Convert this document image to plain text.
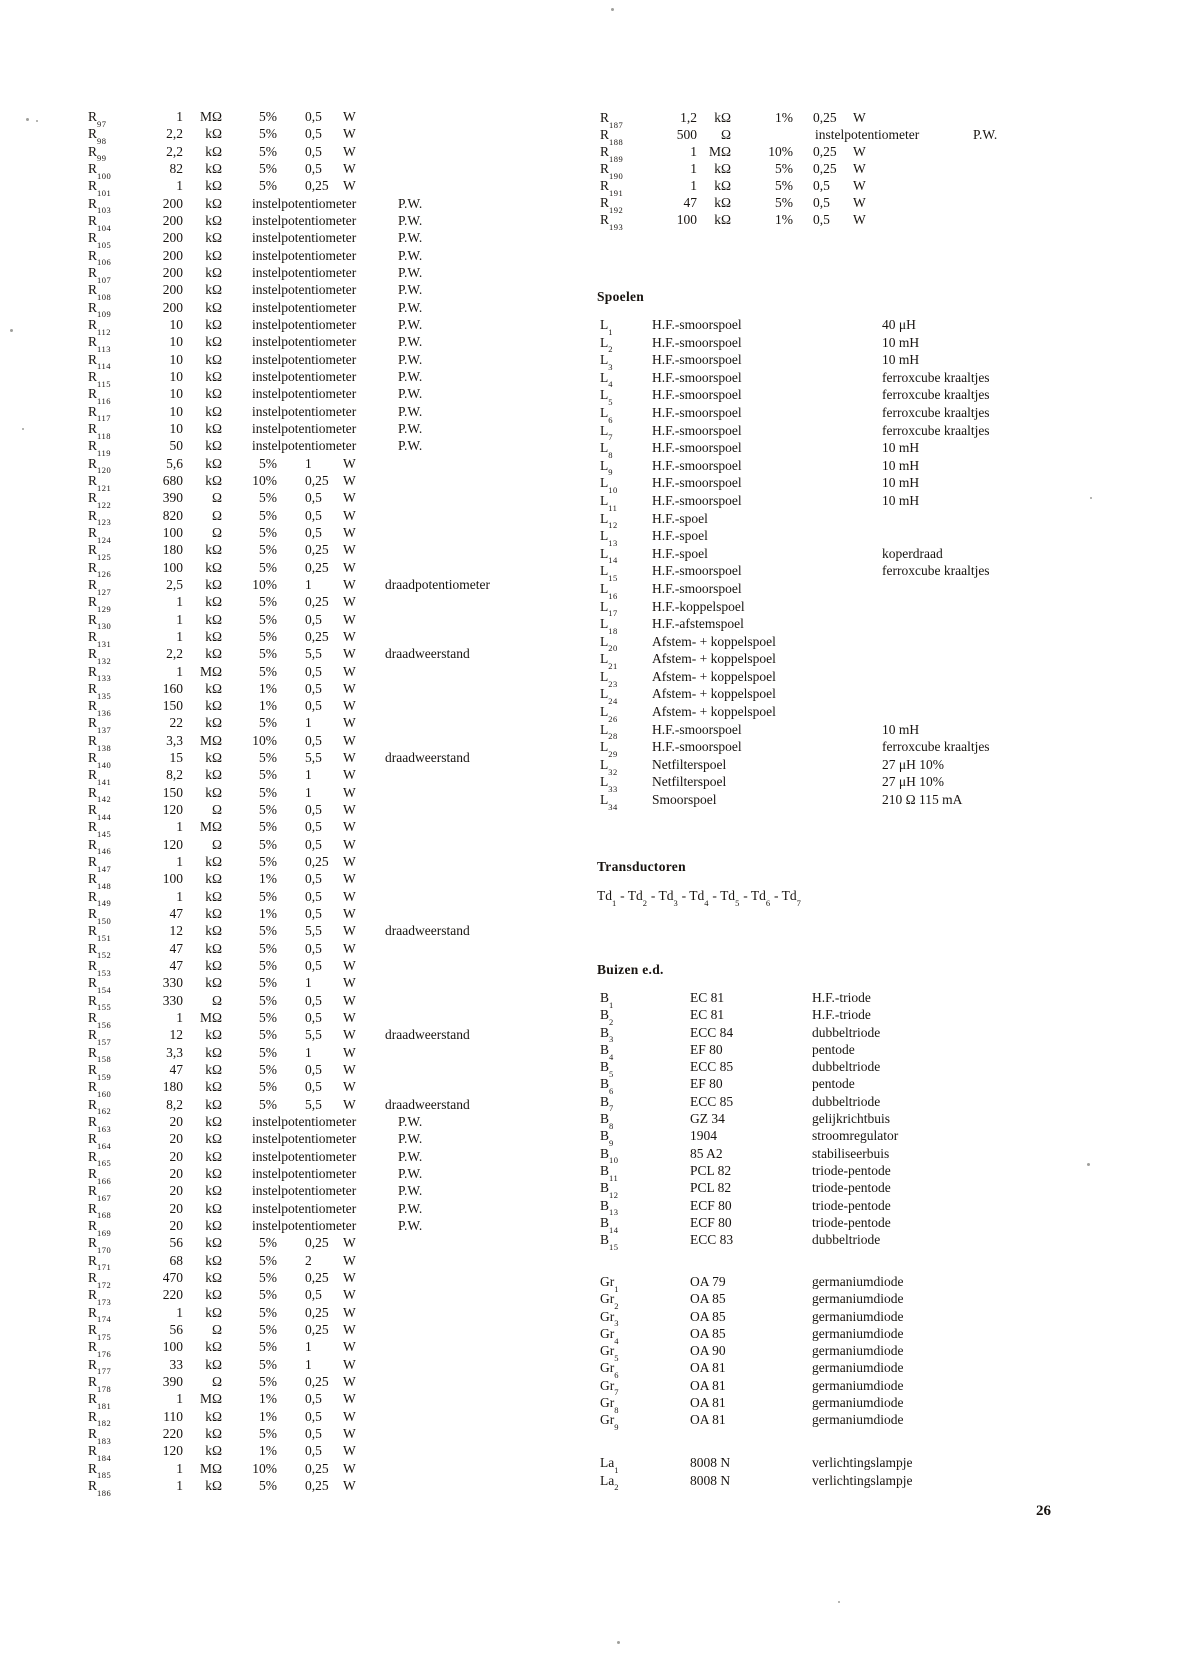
$R_{97}$	1	MΩ	5% 0,5 W
$R_{98}$	2,2	kΩ	5% 0,5 W
$R_{99}$	2,2	kΩ	5% 0,5 W
$R_{100}$	82	kΩ	5% 0,5 W
$R_{101}$	1	kΩ	5% 0,25 W
$R_{103}$	200	kΩ instelpotentiometer	P.W.
$R_{104}$	200	kΩ instelpotentiometer	P.W.
$R_{105}$	200	kΩ instelpotentiometer	P.W.
$R_{106}$	200	kΩ instelpotentiometer	P.W.
$R_{107}$	200	kΩ instelpotentiometer	P.W.
$R_{108}$	200	kΩ instelpotentiometer	P.W.
$R_{109}$	200	kΩ instelpotentiometer	P.W.
$R_{112}$	10	kΩ instelpotentiometer	P.W.
$R_{113}$	10	kΩ instelpotentiometer	P.W.
$R_{114}$	10	kΩ instelpotentiometer	P.W.
$R_{115}$	10	kΩ instelpotentiometer	P.W.
$R_{116}$	10	kΩ instelpotentiometer	P.W.
$R_{117}$	10	kΩ instelpotentiometer	P.W.
$R_{118}$	10	kΩ instelpotentiometer	P.W.
$R_{119}$	50	kΩ instelpotentiometer	P.W.
$R_{120}$	5,6	kΩ	5% 1 W
$R_{121}$	680	kΩ	10% 0,25 W
$R_{122}$	390	Ω	5% 0,5 W
$R_{123}$	820	Ω	5% 0,5 W
$R_{124}$	100	Ω	5% 0,5 W
$R_{125}$	180	kΩ	5% 0,25 W
$R_{126}$	100	kΩ	5% 0,25 W
$R_{127}$	2,5	kΩ	10% 1 W draadpotentiometer
$R_{129}$	1	kΩ	5% 0,25 W
$R_{130}$	1	kΩ	5% 0,5 W
$R_{131}$	1	kΩ	5% 0,25 W
$R_{132}$	2,2	kΩ	5% 5,5 W draadweerstand
$R_{133}$	1	MΩ	5% 0,5 W
$R_{135}$	160	kΩ	1% 0,5 W
$R_{136}$	150	kΩ	1% 0,5 W
$R_{137}$	22	kΩ	5% 1 W
$R_{138}$	3,3	MΩ	10% 0,5 W
$R_{140}$	15	kΩ	5% 5,5 W draadweerstand
$R_{141}$	8,2	kΩ	5% 1 W
$R_{142}$	150	kΩ	5% 1 W
$R_{144}$	120	Ω	5% 0,5 W
$R_{145}$	1	MΩ	5% 0,5 W
$R_{146}$	120	Ω	5% 0,5 W
$R_{147}$	1	kΩ	5% 0,25 W
$R_{148}$	100	kΩ	1% 0,5 W
$R_{149}$	1	kΩ	5% 0,5 W
$R_{150}$	47	kΩ	1% 0,5 W
$R_{151}$	12	kΩ	5% 5,5 W draadweerstand
$R_{152}$	47	kΩ	5% 0,5 W
$R_{153}$	47	kΩ	5% 0,5 W
$R_{154}$	330	kΩ	5% 1 W
$R_{155}$	330	Ω	5% 0,5 W
$R_{156}$	1	MΩ	5% 0,5 W
$R_{157}$	12	kΩ	5% 5,5 W draadweerstand
$R_{158}$	3,3	kΩ	5% 1 W
$R_{159}$	47	kΩ	5% 0,5 W
$R_{160}$	180	kΩ	5% 0,5 W
$R_{162}$	8,2	kΩ	5% 5,5 W draadweerstand
$R_{163}$	20	kΩ instelpotentiometer	P.W.
$R_{164}$	20	kΩ instelpotentiometer	P.W.
$R_{165}$	20	kΩ instelpotentiometer	P.W.
$R_{166}$	20	kΩ instelpotentiometer	P.W.
$R_{167}$	20	kΩ instelpotentiometer	P.W.
$R_{168}$	20	kΩ instelpotentiometer	P.W.
$R_{169}$	20	kΩ instelpotentiometer	P.W.
$R_{170}$	56	kΩ	5% 0,25 W
$R_{171}$	68	kΩ	5% 2 W
$R_{172}$	470	kΩ	5% 0,25 W
$R_{173}$	220	kΩ	5% 0,5 W
$R_{174}$	1	kΩ	5% 0,25 W
$R_{175}$	56	Ω	5% 0,25 W
$R_{176}$	100	kΩ	5% 1 W
$R_{177}$	33	kΩ	5% 1 W
$R_{178}$	390	Ω	5% 0,25 W
$R_{181}$	1	MΩ	1% 0,5 W
$R_{182}$	110	kΩ	1% 0,5 W
$R_{183}$	220	kΩ	5% 0,5 W
$R_{184}$	120	kΩ	1% 0,5 W
$R_{185}$	1	MΩ	10% 0,25 W
$R_{186}$	1	kΩ	5% 0,25 W
$R_{187}$	1,2	kΩ	1% 0,25 W
$R_{188}$	500	Ω	instelpotentiometer	P.W.
$R_{189}$	1 MΩ	10% 0,25 W
$R_{190}$	1	kΩ	5% 0,25 W
$R_{191}$	1	kΩ	5% 0,5 W
$R_{192}$	47	kΩ	5% 0,5 W
$R_{193}$	100	kΩ	1% 0,5 W
Spoelen
$L_1$	H.F.-smoorspoel	40 μH
$L_2$	H.F.-smoorspoel	10 mH
$L_3$	H.F.-smoorspoel	10 mH
$L_4$	H.F.-smoorspoel	ferroxcube kraaltjes
$L_5$	H.F.-smoorspoel	ferroxcube kraaltjes
$L_6$	H.F.-smoorspoel	ferroxcube kraaltjes
$L_7$	H.F.-smoorspoel	ferroxcube kraaltjes
$L_8$	H.F.-smoorspoel	10 mH
$L_9$	H.F.-smoorspoel	10 mH
$L_{10}$	H.F.-smoorspoel	10 mH
$L_{11}$	H.F.-smoorspoel	10 mH
$L_{12}$	H.F.-spoel
$L_{13}$	H.F.-spoel
$L_{14}$	H.F.-spoel	koperdraad
$L_{15}$	H.F.-smoorspoel	ferroxcube kraaltjes
$L_{16}$	H.F.-smoorspoel
$L_{17}$	H.F.-koppelspoel
$L_{18}$	H.F.-afstemspoel
$L_{20}$	Afstem- + koppelspoel
$L_{21}$	Afstem- + koppelspoel
$L_{23}$	Afstem- + koppelspoel
$L_{24}$	Afstem- + koppelspoel
$L_{26}$	Afstem- + koppelspoel
$L_{28}$	H.F.-smoorspoel	10 mH
$L_{29}$	H.F.-smoorspoel	ferroxcube kraaltjes
$L_{32}$	Netfilterspoel	27 μH 10%
$L_{33}$	Netfilterspoel	27 μH 10%
$L_{34}$	Smoorspoel	210 Ω 115 mA
Transductoren
$Td_1 - Td_2 - Td_3 - Td_4 - Td_5 - Td_6 - Td_7$
Buizen e.d.
$B_1$	EC 81	H.F.-triode
$B_2$	EC 81	H.F.-triode
$B_3$	ECC 84	dubbeltriode
$B_4$	EF 80	pentode
$B_5$	ECC 85	dubbeltriode
$B_6$	EF 80	pentode
$B_7$	ECC 85	dubbeltriode
$B_8$	GZ 34	gelijkrichtbuis
$B_9$	1904	stroomregulator
$B_{10}$	85 A2	stabiliseerbuis
$B_{11}$	PCL 82	triode-pentode
$B_{12}$	PCL 82	triode-pentode
$B_{13}$	ECF 80	triode-pentode
$B_{14}$	ECF 80	triode-pentode
$B_{15}$	ECC 83	dubbeltriode
$Gr_1$	OA 79	germaniumdiode
$Gr_2$	OA 85	germaniumdiode
$Gr_3$	OA 85	germaniumdiode
$Gr_4$	OA 85	germaniumdiode
$Gr_5$	OA 90	germaniumdiode
$Gr_6$	OA 81	germaniumdiode
$Gr_7$	OA 81	germaniumdiode
$Gr_8$	OA 81	germaniumdiode
$Gr_9$	OA 81	germaniumdiode
$La_1$	8008 N	verlichtingslampje
$La_2$	8008 N	verlichtingslampje
26
